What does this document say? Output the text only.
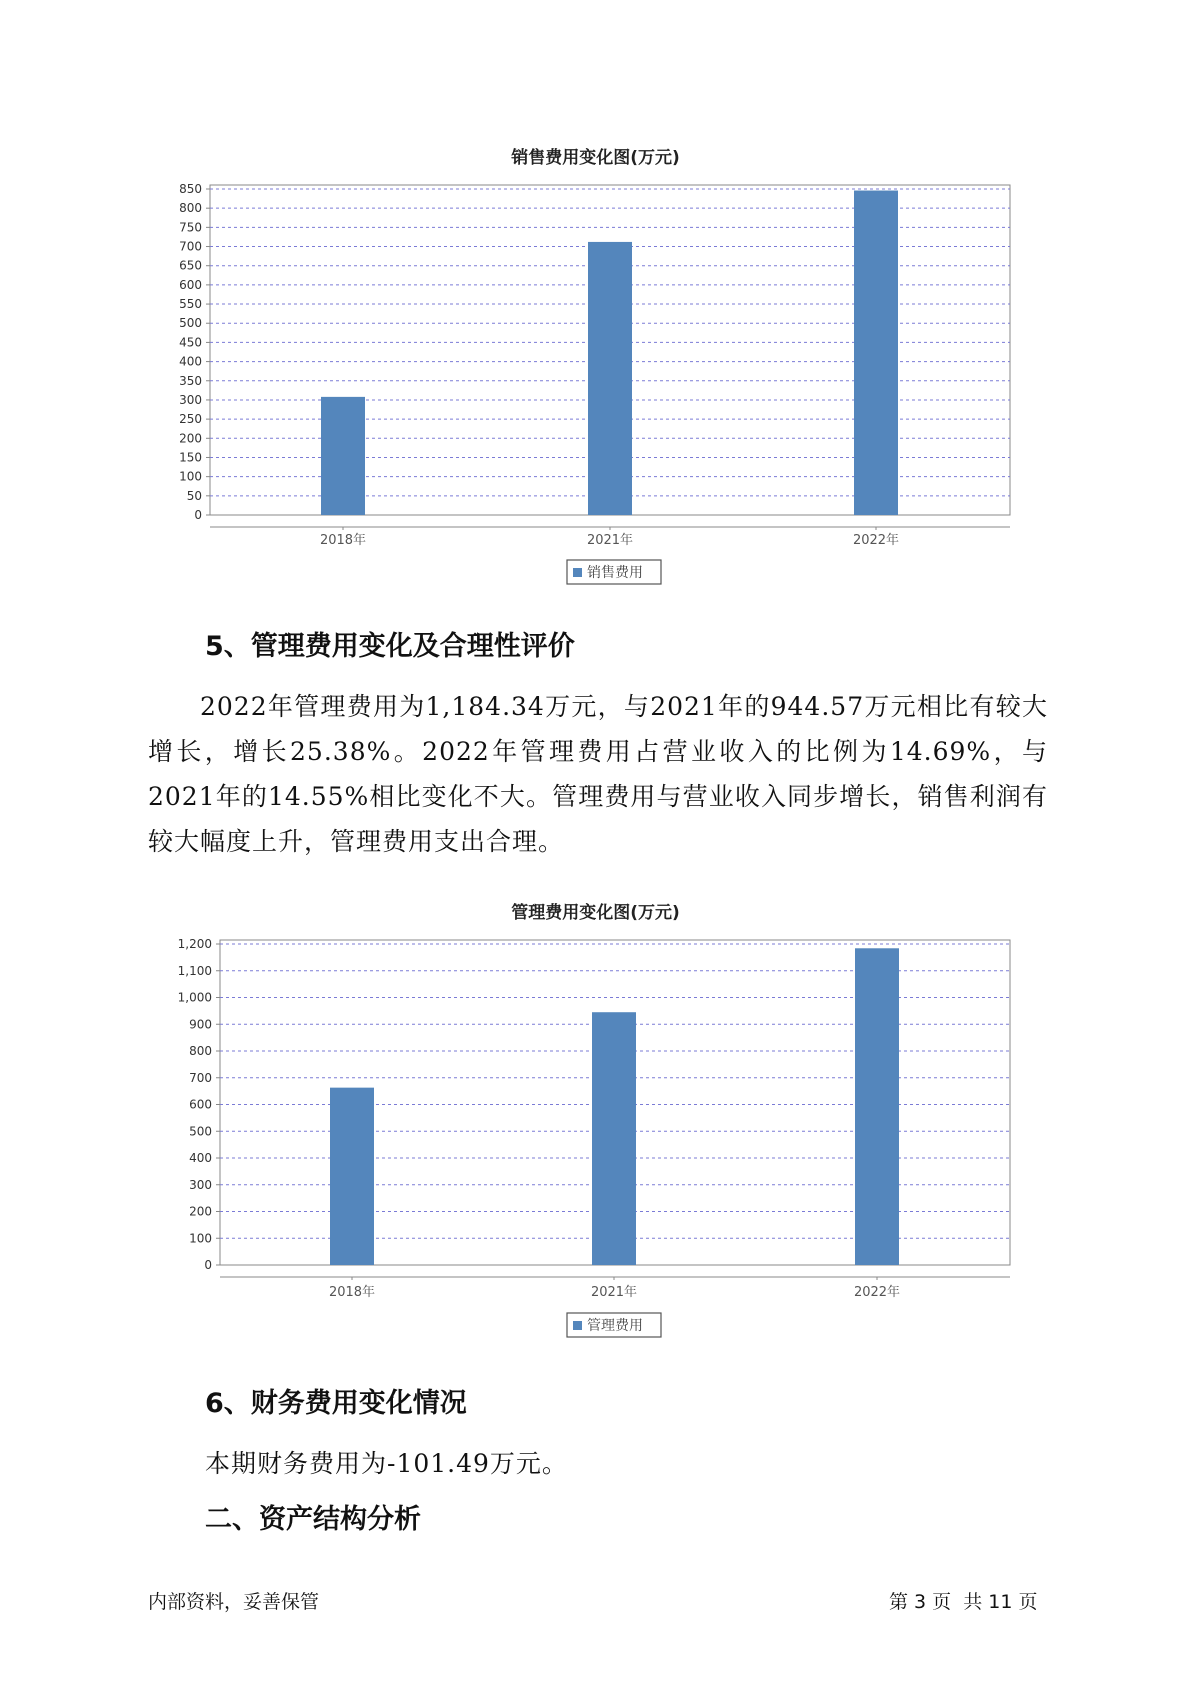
销售费用变化图(万元)
0
50
100
150
200
250
300
350
400
450
500
550
600
650
700
750
800
850
2018年	2021年	2022年
销售费用
5、管理费用变化及合理性评价

2022年管理费用为1,184.34万元，与2021年的944.57万元相比有较大增长，增长25.38%。2022年管理费用占营业收入的比例为14.69%，与2021年的14.55%相比变化不大。管理费用与营业收入同步增长，销售利润有较大幅度上升，管理费用支出合理。

管理费用变化图(万元)
0
100
200
300
400
500
600
700
800
900
1,000
1,100
1,200
2018年	2021年	2022年
管理费用
6、财务费用变化情况
本期财务费用为-101.49万元。
二、资产结构分析
内部资料，妥善保管	第 3 页  共 11 页
